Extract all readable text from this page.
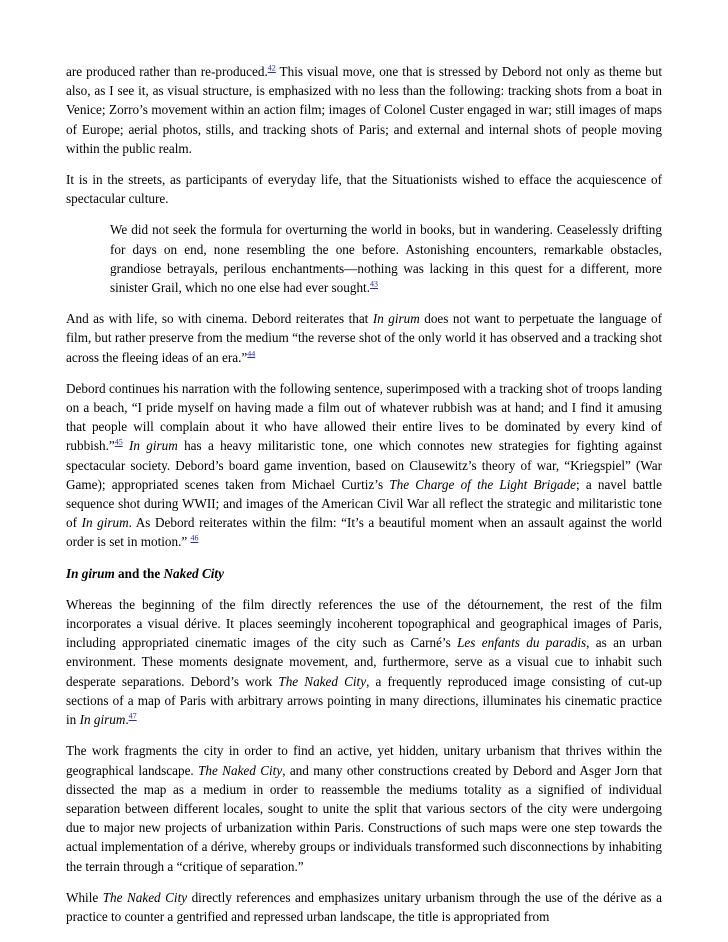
are produced rather than re-produced.$^{42}$ This visual move, one that is stressed by Debord not only as theme but also, as I see it, as visual structure, is emphasized with no less than the following: tracking shots from a boat in Venice; Zorro’s movement within an action film; images of Colonel Custer engaged in war; still images of maps of Europe; aerial photos, stills, and tracking shots of Paris; and external and internal shots of people moving within the public realm.

It is in the streets, as participants of everyday life, that the Situationists wished to efface the acquiescence of spectacular culture.

We did not seek the formula for overturning the world in books, but in wandering. Ceaselessly drifting for days on end, none resembling the one before. Astonishing encounters, remarkable obstacles, grandiose betrayals, perilous enchantments—nothing was lacking in this quest for a different, more sinister Grail, which no one else had ever sought.$^{43}$

And as with life, so with cinema. Debord reiterates that In girum does not want to perpetuate the language of film, but rather preserve from the medium “the reverse shot of the only world it has observed and a tracking shot across the fleeing ideas of an era.”$^{44}$

Debord continues his narration with the following sentence, superimposed with a tracking shot of troops landing on a beach, “I pride myself on having made a film out of whatever rubbish was at hand; and I find it amusing that people will complain about it who have allowed their entire lives to be dominated by every kind of rubbish.”$^{45}$ In girum has a heavy militaristic tone, one which connotes new strategies for fighting against spectacular society. Debord’s board game invention, based on Clausewitz’s theory of war, “Kriegspiel” (War Game); appropriated scenes taken from Michael Curtiz’s The Charge of the Light Brigade; a navel battle sequence shot during WWII; and images of the American Civil War all reflect the strategic and militaristic tone of In girum. As Debord reiterates within the film: “It’s a beautiful moment when an assault against the world order is set in motion.” $^{46}$

In girum and the Naked City

Whereas the beginning of the film directly references the use of the détournement, the rest of the film incorporates a visual dérive. It places seemingly incoherent topographical and geographical images of Paris, including appropriated cinematic images of the city such as Carné’s Les enfants du paradis, as an urban environment. These moments designate movement, and, furthermore, serve as a visual cue to inhabit such desperate separations. Debord’s work The Naked City, a frequently reproduced image consisting of cut-up sections of a map of Paris with arbitrary arrows pointing in many directions, illuminates his cinematic practice in In girum.$^{47}$

The work fragments the city in order to find an active, yet hidden, unitary urbanism that thrives within the geographical landscape. The Naked City, and many other constructions created by Debord and Asger Jorn that dissected the map as a medium in order to reassemble the mediums totality as a signified of individual separation between different locales, sought to unite the split that various sectors of the city were undergoing due to major new projects of urbanization within Paris. Constructions of such maps were one step towards the actual implementation of a dérive, whereby groups or individuals transformed such disconnections by inhabiting the terrain through a “critique of separation.”

While The Naked City directly references and emphasizes unitary urbanism through the use of the dérive as a practice to counter a gentrified and repressed urban landscape, the title is appropriated from
